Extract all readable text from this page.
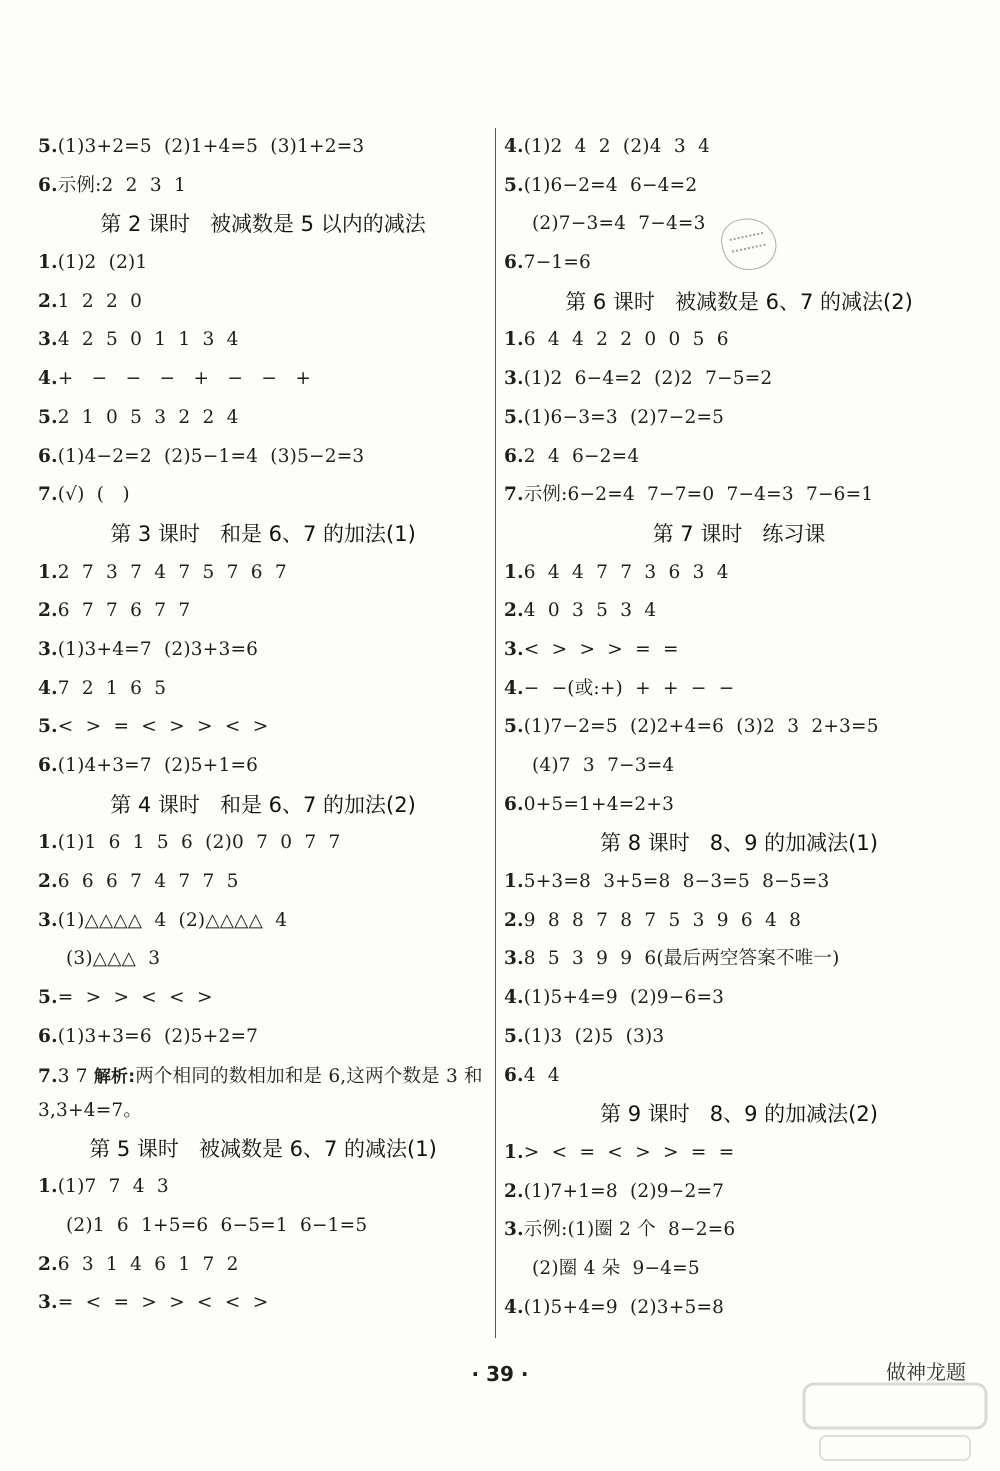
5.(1)3+2=5  (2)1+4=5  (3)1+2=3
6.示例:2  2  3  1
第 2 课时   被减数是 5 以内的减法
1.(1)2  (2)1
2.1  2  2  0
3.4  2  5  0  1  1  3  4
4.+   −   −   −   +   −   −   +
5.2  1  0  5  3  2  2  4
6.(1)4−2=2  (2)5−1=4  (3)5−2=3
7.(√)  (   )
第 3 课时   和是 6、7 的加法(1)
1.2  7  3  7  4  7  5  7  6  7
2.6  7  7  6  7  7
3.(1)3+4=7  (2)3+3=6
4.7  2  1  6  5
5.<  >  =  <  >  >  <  >
6.(1)4+3=7  (2)5+1=6
第 4 课时   和是 6、7 的加法(2)
1.(1)1  6  1  5  6  (2)0  7  0  7  7
2.6  6  6  7  4  7  7  5
3.(1)△△△△  4  (2)△△△△  4
(3)△△△  3
5.=  >  >  <  <  >
6.(1)3+3=6  (2)5+2=7
7.3 7 解析:两个相同的数相加和是 6,这两个数是 3 和 3,3+4=7。
第 5 课时   被减数是 6、7 的减法(1)
1.(1)7  7  4  3
(2)1  6  1+5=6  6−5=1  6−1=5
2.6  3  1  4  6  1  7  2
3.=  <  =  >  >  <  <  >
4.(1)2  4  2  (2)4  3  4
5.(1)6−2=4  6−4=2
(2)7−3=4  7−4=3
6.7−1=6
第 6 课时   被减数是 6、7 的减法(2)
1.6  4  4  2  2  0  0  5  6
3.(1)2  6−4=2  (2)2  7−5=2
5.(1)6−3=3  (2)7−2=5
6.2  4  6−2=4
7.示例:6−2=4  7−7=0  7−4=3  7−6=1
第 7 课时   练习课
1.6  4  4  7  7  3  6  3  4
2.4  0  3  5  3  4
3.<  >  >  >  =  =
4.−  −(或:+)  +  +  −  −
5.(1)7−2=5  (2)2+4=6  (3)2  3  2+3=5
(4)7  3  7−3=4
6.0+5=1+4=2+3
第 8 课时   8、9 的加减法(1)
1.5+3=8  3+5=8  8−3=5  8−5=3
2.9  8  8  7  8  7  5  3  9  6  4  8
3.8  5  3  9  9  6(最后两空答案不唯一)
4.(1)5+4=9  (2)9−6=3
5.(1)3  (2)5  (3)3
6.4  4
第 9 课时   8、9 的加减法(2)
1.>  <  =  <  >  >  =  =
2.(1)7+1=8  (2)9−2=7
3.示例:(1)圈 2 个  8−2=6
(2)圈 4 朵  9−4=5
4.(1)5+4=9  (2)3+5=8
· 39 ·	做神龙题
